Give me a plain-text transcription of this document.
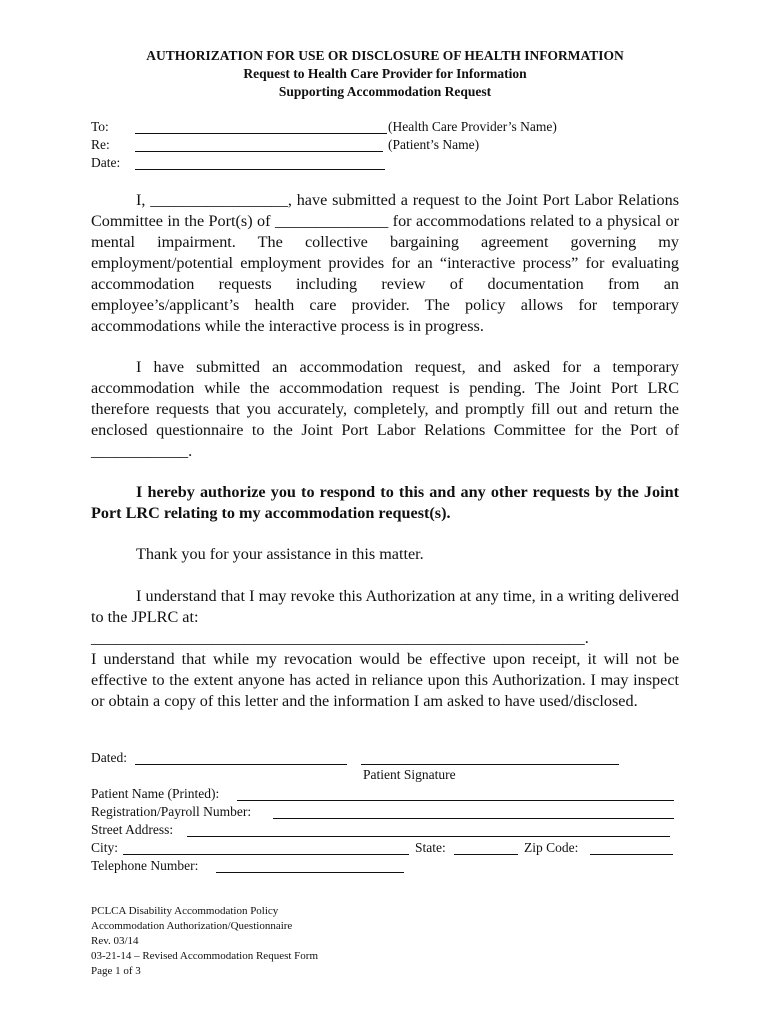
AUTHORIZATION FOR USE OR DISCLOSURE OF HEALTH INFORMATION
Request to Health Care Provider for Information
Supporting Accommodation Request
To:	(Health Care Provider’s Name)
Re:	(Patient’s Name)
Date:
I, _________________, have submitted a request to the Joint Port Labor Relations Committee in the Port(s) of ______________ for accommodations related to a physical or mental impairment. The collective bargaining agreement governing my employment/potential employment provides for an “interactive process” for evaluating accommodation requests including review of documentation from an employee’s/applicant’s health care provider. The policy allows for temporary accommodations while the interactive process is in progress.
I have submitted an accommodation request, and asked for a temporary accommodation while the accommodation request is pending. The Joint Port LRC therefore requests that you accurately, completely, and promptly fill out and return the enclosed questionnaire to the Joint Port Labor Relations Committee for the Port of ____________.
I hereby authorize you to respond to this and any other requests by the Joint Port LRC relating to my accommodation request(s).
Thank you for your assistance in this matter.
I understand that I may revoke this Authorization at any time, in a writing delivered to the JPLRC at:
_____________________________________________________________.
I understand that while my revocation would be effective upon receipt, it will not be effective to the extent anyone has acted in reliance upon this Authorization. I may inspect or obtain a copy of this letter and the information I am asked to have used/disclosed.
Dated:
Patient Signature
Patient Name (Printed):
Registration/Payroll Number:
Street Address:
City:	State:	Zip Code:
Telephone Number:
PCLCA Disability Accommodation Policy
Accommodation Authorization/Questionnaire
Rev. 03/14
03-21-14 – Revised Accommodation Request Form
Page 1 of 3
